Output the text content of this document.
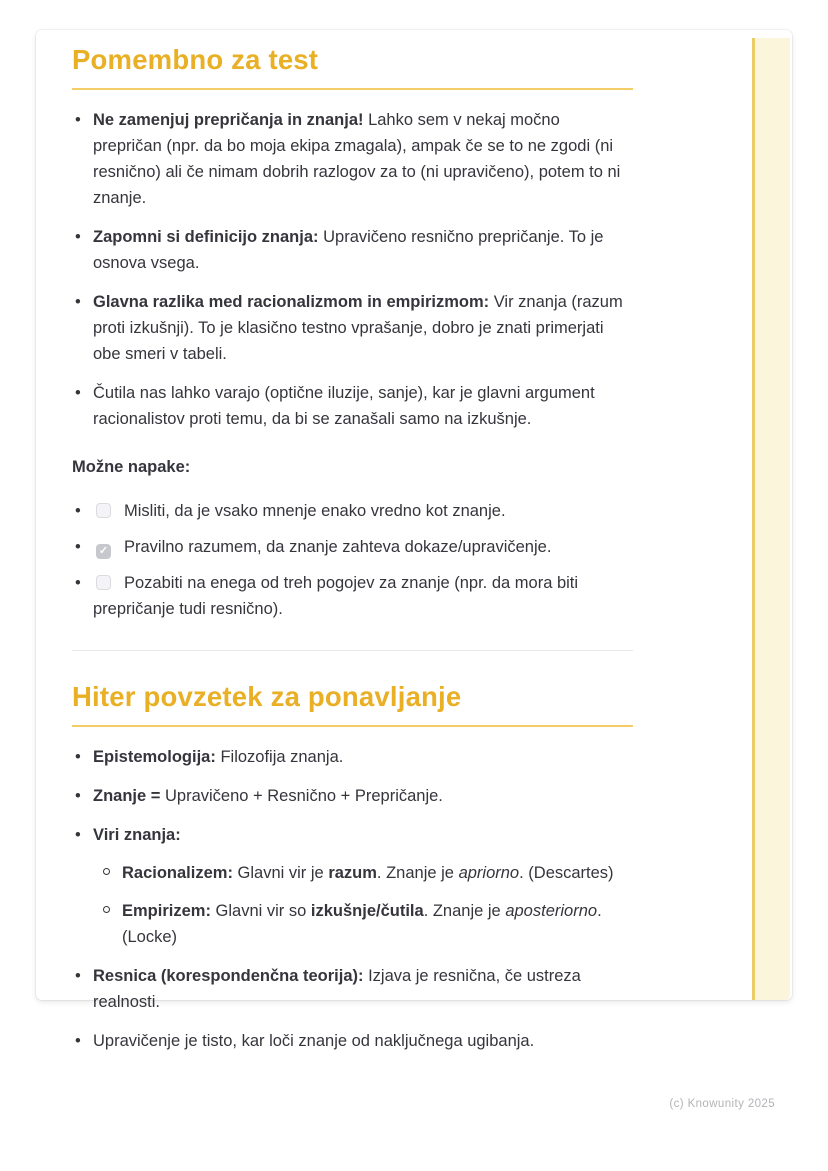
Pomembno za test
• Ne zamenjuj prepričanja in znanja! Lahko sem v nekaj močno prepričan (npr. da bo moja ekipa zmagala), ampak če se to ne zgodi (ni resnično) ali če nimam dobrih razlogov za to (ni upravičeno), potem to ni znanje.
• Zapomni si definicijo znanja: Upravičeno resnično prepričanje. To je osnova vsega.
• Glavna razlika med racionalizmom in empirizmom: Vir znanja (razum proti izkušnji). To je klasično testno vprašanje, dobro je znati primerjati obe smeri v tabeli.
• Čutila nas lahko varajo (optične iluzije, sanje), kar je glavni argument racionalistov proti temu, da bi se zanašali samo na izkušnje.
Možne napake:
• Misliti, da je vsako mnenje enako vredno kot znanje.
• ✓ Pravilno razumem, da znanje zahteva dokaze/upravičenje.
• Pozabiti na enega od treh pogojev za znanje (npr. da mora biti prepričanje tudi resnično).
Hiter povzetek za ponavljanje
• Epistemologija: Filozofija znanja.
• Znanje = Upravičeno + Resnično + Prepričanje.
• Viri znanja:
Racionalizem: Glavni vir je razum. Znanje je apriorno. (Descartes)
Empirizem: Glavni vir so izkušnje/čutila. Znanje je aposteriorno. (Locke)
• Resnica (korespondenčna teorija): Izjava je resnična, če ustreza realnosti.
• Upravičenje je tisto, kar loči znanje od naključnega ugibanja.
(c) Knowunity 2025
